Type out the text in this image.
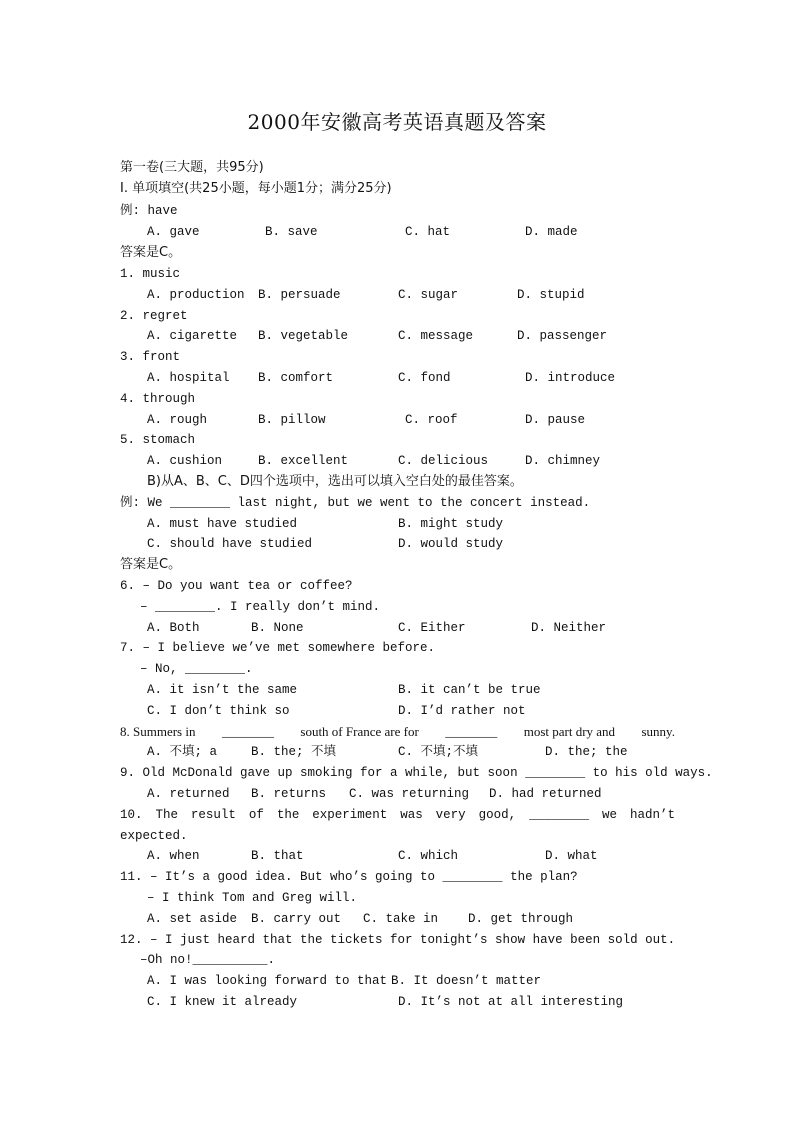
2000年安徽高考英语真题及答案
第一卷(三大题，共95分)
I. 单项填空(共25小题，每小题1分；满分25分)
例: have

A. gave

	B. save

	C. hat

	D. made

答案是C。
1. music

A. production

B. persuade

	C. sugar

	D. stupid

2. regret

A. cigarette

B. vegetable

	C. message

	D. passenger

3. front

A. hospital

B. comfort

	C. fond

	D. introduce

4. through

A. rough

	B. pillow

	C. roof

	D. pause

5. stomach

A. cushion

	B. excellent

	C. delicious

	D. chimney

B)从A、B、C、D四个选项中，选出可以填入空白处的最佳答案。
例: We ________ last night, but we went to the concert instead.

A. must have studied

	B. might study

C. should have studied

	D. would study

答案是C。
6. – Do you want tea or coffee?
– ________. I really don’t mind.

A. Both

	B. None

	C. Either

	D. Neither

7. – I believe we’ve met somewhere before.
– No, ________.

A. it isn’t the same

	B. it can’t be true

C. I don’t think so

	D. I’d rather not

8. Summers in ________ south of France are for ________ most part dry and sunny.

A. 不填; a

	B. the; 不填

	C. 不填;不填

	D. the; the

9. Old McDonald gave up smoking for a while, but soon ________ to his old ways.

A. returned

B. returns

C. was returning

D. had returned

10. The result of the experiment was very good, ________ we hadn’t
expected.

A. when

	B. that

	C. which

	D. what

11. – It’s a good idea. But who’s going to ________ the plan?
– I think Tom and Greg will.

A. set aside

B. carry out

C. take in

D. get through

12. – I just heard that the tickets for tonight’s show have been sold out.
–Oh no!__________.

A. I was looking forward to that

B. It doesn’t matter

C. I knew it already

	D. It’s not at all interesting
